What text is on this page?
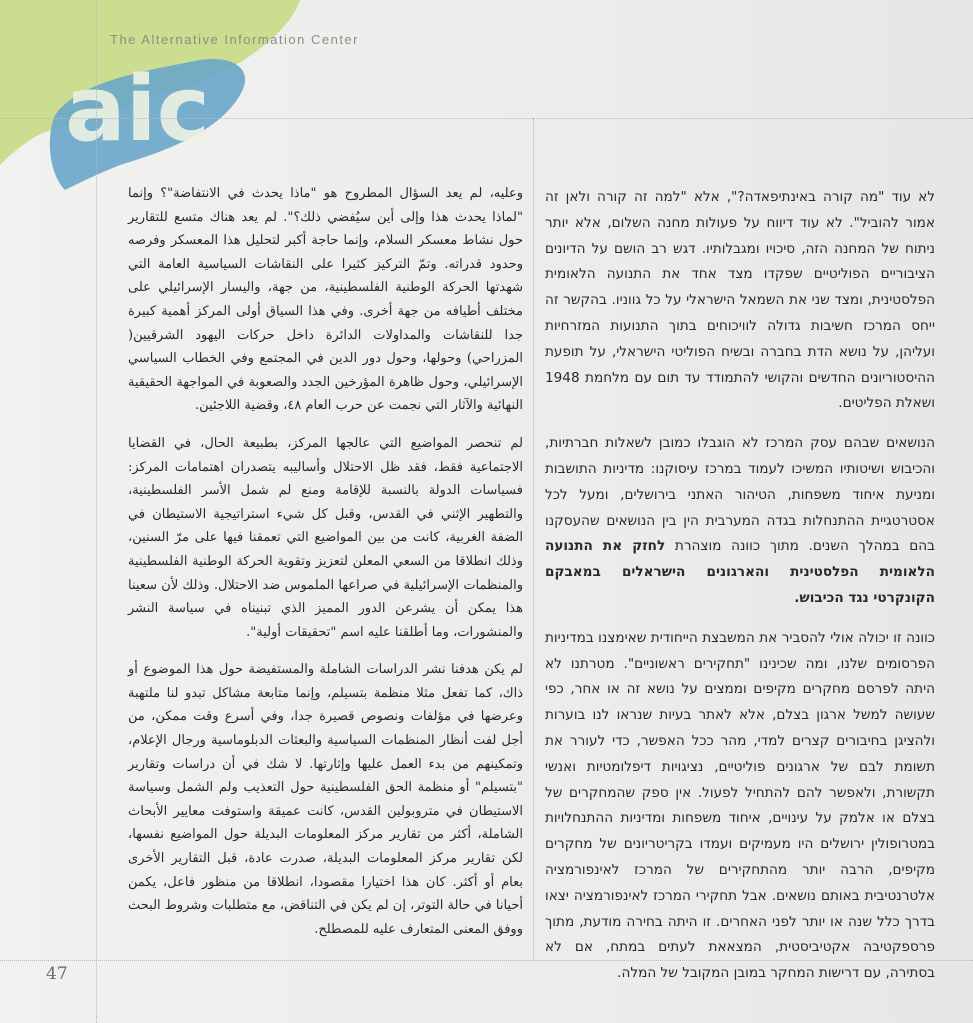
aic
The Alternative Information Center

وعليه، لم يعد السؤال المطروح هو "ماذا يحدث في الانتفاضة"؟ وإنما "لماذا يحدث هذا وإلى أين سيُفضي ذلك؟". لم يعد هناك متسع للتقارير حول نشاط معسكر السلام، وإنما حاجة أكبر لتحليل هذا المعسكر وفرصه وحدود قدراته. وتمّ التركيز كثيرا على النقاشات السياسية العامة التي شهدتها الحركة الوطنية الفلسطينية، من جهة، واليسار الإسرائيلي على مختلف أطيافه من جهة أخرى. وفي هذا السياق أولى المركز أهمية كبيرة جدا للنقاشات والمداولات الدائرة داخل حركات اليهود الشرقيين( المزراحي) وحولها، وحول دور الدين في المجتمع وفي الخطاب السياسي الإسرائيلي، وحول ظاهرة المؤرخين الجدد والصعوبة في المواجهة الحقيقية النهائية والآثار التي نجمت عن حرب العام ٤٨، وقضية اللاجئين.

لم تنحصر المواضيع التي عالجها المركز، بطبيعة الحال، في القضايا الاجتماعية فقط، فقد ظل الاحتلال وأساليبه يتصدران اهتمامات المركز: فسياسات الدولة بالنسبة للإقامة ومنع لم شمل الأسر الفلسطينية، والتطهير الإثني في القدس، وقبل كل شيء استراتيجية الاستيطان في الضفة الغربية، كانت من بين المواضيع التي تعمقنا فيها على مرّ السنين، وذلك انطلاقا من السعي المعلن لتعزيز وتقوية الحركة الوطنية الفلسطينية والمنظمات الإسرائيلية في صراعها الملموس ضد الاحتلال. وذلك لأن سعينا هذا يمكن أن يشرعن الدور المميز الذي تبنيناه في سياسة النشر والمنشورات، وما أطلقنا عليه اسم "تحقيقات أولية".

لم يكن هدفنا نشر الدراسات الشاملة والمستفيضة حول هذا الموضوع أو ذاك، كما تفعل مثلا منظمة بتسيلم، وإنما متابعة مشاكل تبدو لنا ملتهبة وعرضها في مؤلفات ونصوص قصيرة جدا، وفي أسرع وقت ممكن، من أجل لفت أنظار المنظمات السياسية والبعثات الدبلوماسية ورجال الإعلام، وتمكينهم من بدء العمل عليها وإثارتها. لا شك في أن دراسات وتقارير "بتسيلم" أو منظمة الحق الفلسطينية حول التعذيب ولم الشمل وسياسة الاستيطان في متروبولين القدس، كانت عميقة واستوفت معايير الأبحاث الشاملة، أكثر من تقارير مركز المعلومات البديلة حول المواضيع نفسها، لكن تقارير مركز المعلومات البديلة، صدرت عادة، قبل التقارير الأخرى بعام أو أكثر. كان هذا اختيارا مقصودا، انطلاقا من منظور فاعل، يكمن أحيانا في حالة التوتر، إن لم يكن في التناقض، مع متطلبات وشروط البحث ووفق المعنى المتعارف عليه للمصطلح.

לא עוד "מה קורה באינתיפאדה?", אלא "למה זה קורה ולאן זה אמור להוביל". לא עוד דיווח על פעולות מחנה השלום, אלא יותר ניתוח של המחנה הזה, סיכויו ומגבלותיו. דגש רב הושם על הדיונים הציבוריים הפוליטיים שפקדו מצד אחד את התנועה הלאומית הפלסטינית, ומצד שני את השמאל הישראלי על כל גווניו. בהקשר זה ייחס המרכז חשיבות גדולה לוויכוחים בתוך התנועות המזרחיות ועליהן, על נושא הדת בחברה ובשיח הפוליטי הישראלי, על תופעת ההיסטוריונים החדשים והקושי להתמודד עד תום עם מלחמת 1948 ושאלת הפליטים.

הנושאים שבהם עסק המרכז לא הוגבלו כמובן לשאלות חברתיות, והכיבוש ושיטותיו המשיכו לעמוד במרכז עיסוקנו: מדיניות התושבות ומניעת איחוד משפחות, הטיהור האתני בירושלים, ומעל לכל אסטרטגיית ההתנחלות בגדה המערבית הין בין הנושאים שהעסקנו בהם במהלך השנים. מתוך כוונה מוצהרת לחזק את התנועה הלאומית הפלסטינית והארגונים הישראלים במאבקם הקונקרטי נגד הכיבוש.

כוונה זו יכולה אולי להסביר את המשבצת הייחודית שאימצנו במדיניות הפרסומים שלנו, ומה שכינינו "תחקירים ראשוניים". מטרתנו לא היתה לפרסם מחקרים מקיפים וממצים על נושא זה או אחר, כפי שעושה למשל ארגון בצלם, אלא לאתר בעיות שנראו לנו בוערות ולהציגן בחיבורים קצרים למדי, מהר ככל האפשר, כדי לעורר את תשומת לבם של ארגונים פוליטיים, נציגויות דיפלומטיות ואנשי תקשורת, ולאפשר להם להתחיל לפעול. אין ספק שהמחקרים של בצלם או אלמק על עינויים, איחוד משפחות ומדיניות ההתנחלויות במטרופולין ירושלים היו מעמיקים ועמדו בקריטריונים של מחקרים מקיפים, הרבה יותר מהתחקירים של המרכז לאינפורמציה אלטרנטיבית באותם נושאים. אבל תחקירי המרכז לאינפורמציה יצאו בדרך כלל שנה או יותר לפני האחרים. זו היתה בחירה מודעת, מתוך פרספקטיבה אקטיביסטית, המצאאת לעתים במתח, אם לא בסתירה, עם דרישות המחקר במובן המקובל של המלה.

47
